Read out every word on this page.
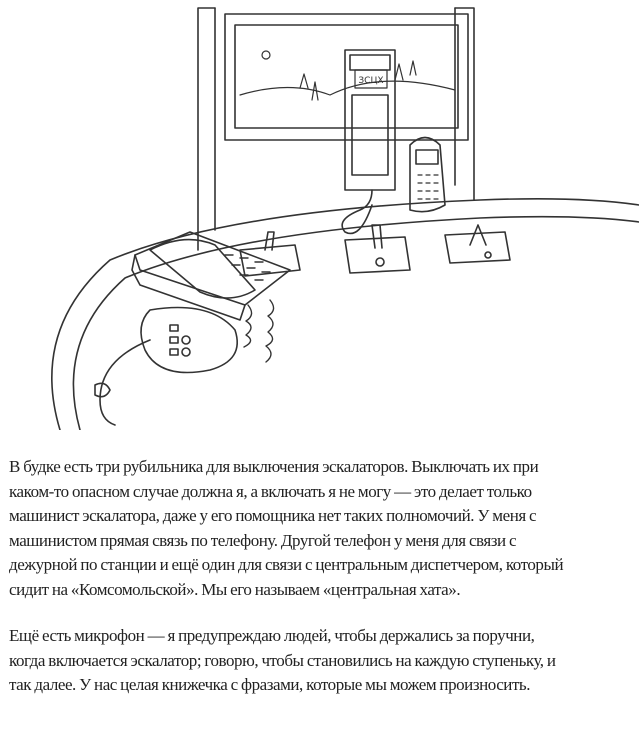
ЗСЦХ
В будке есть три рубильника для выключения эскалаторов. Выключать их при
каком-то опасном случае должна я, а включать я не могу — это делает только
машинист эскалатора, даже у его помощника нет таких полномочий. У меня с
машинистом прямая связь по телефону. Другой телефон у меня для связи с
дежурной по станции и ещё один для связи с центральным диспетчером, который
сидит на «Комсомольской». Мы его называем «центральная хата».
Ещё есть микрофон — я предупреждаю людей, чтобы держались за поручни,
когда включается эскалатор; говорю, чтобы становились на каждую ступеньку, и
так далее. У нас целая книжечка с фразами, которые мы можем произносить.
